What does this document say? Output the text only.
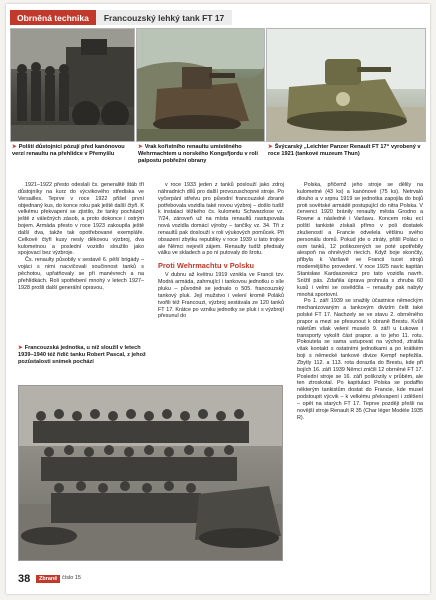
Obrněná technika	Francouzský lehký tank FT 17
➤ Polští důstojníci pózují před kanónovou verzí renaultu na přehlídce v Přemyšlu
➤ Vrak kořistního renaultu umístěného Wehrmachtem u norského Kongsfjordu v roli palpostu pobřežní obrany
➤ Švýcarský „Leichter Panzer Renault FT 17“ vyrobený v roce 1921 (tankové muzeum Thun)

1921–1922 přesto odeslali čs. generalitě štáb tří důstojníky na kurz do výcvikového střediska ve Versailles. Teprve v roce 1922 přišel první objednaný kus, do konce roku pak ještě další čtyři. K velkému překvapení se zjistilo, že tanky pocházejí ještě z válečných zásob, a proto dokonce i ostrým bojem. Armáda přesto v roce 1923 zakoupila ještě další dva, takže tak opotřebované exempláře. Celkově čtyři kusy nesly děkovou výzbroj, dva kulometnou a poslední vozidlo sloužilo jako spojovací bez výzbroje.

Čs. renaulty působily v sestavě 6. pěší brigády – vojáci s nimi nacvičovali součinnost tanků s pěchotou, upřatňovaly se při manévrech a na přehlídkách. Roli spotřebení mnohý v letech 1927–1928 prošli další generální opravou,

➤ Francouzská jednotka, u níž sloužil v letech 1939–1940 též řidič tanku Robert Pascal, z jehož pozůstalosti snímek pochází

v roce 1933 jeden z tanků poslouží jako zdroj náhradních dílů pro další provozuschopné stroje. Po vyčerpání střelvu pro původní francouzské zbraně potřebovala vozidla také novou výzbroj – došlo tudíž k instalaci těžkého čs. kulometu Schwarzlose vz. 7/24, zároveň už na místa renaultů nastupovala nová vozidla domácí výroby – tančíky vz. 34. Tři z renaultů pak doslouží v roli výukových pomůcek. Při obsazení zbytku republiky v roce 1939 u tato trojice ale Němci nejevili zájem. Renaulty tudíž předsaly válku ve skladech a po ní putovaly do šrotu.

Proti Wehrmachtu v Polsku

V dubnu až květnu 1919 vznikla ve Francii tzv. Modrá armáda, zahrnující i tankovou jednotku o síle pluku – původně se jednalo o 505. francouzský tankový pluk. Její mužstvo i velení kromě Poláků tvořili též Francouzi, výzbroj sestávala ze 120 tanků FT 17. Krátce po vzniku jednotky se pluk i s výzbrojí přesunul do

Polska, přičemž jeho stroje se dělily na kulometné (43 ks) a kanónové (75 ks). Netrvalo dlouho a v srpnu 1919 se jednotka zapojila do bojů proti sovětské armádě postupující do nitra Polska. V červenci 1920 bránily renaulty města Grodno a Rowne a následně i Varšavu. Koncem roku ecí polští tankisté získali přímo v poli dostatek zkušeností a Francie odvelela většinu svého personálu domů. Pokud jde o ztráty, přišli Poláci o osm tanků, 12 poškozených se poté upotřebily alespoň na ohněvých riecích. Když boje skončily, přibyla k Varšavě ve Francii tucet strojů modernějšího provedení. V roce 1925 navíc kapitán Stanisław Kardaszewicz pro tato vozidla navrh. Snížil pás. Zdaňila úprava prohnula s zhruba 60 kusů i velmi se osvědčila – renaulty pak nabyly mnohá sportovní.

Po 1. září 1939 se snažily účastnice německým mechanizovaným a tankovým divizím čelit také polské FT 17. Nachzely se ve stavu 2. obrněného prapor a mezi se přesunout k obraně Brestu. Kvůli náletům však velení muselo 9. září u Łukowe i transporty vykolít část prapor. a to jeho 11. rotu. Pokoutela se sama ustupovat na východ, ztratila však kontakt s ostatními jednotkami a po krátkém boji s německé tankové divize Kempf nepřežila. Zbytly 112. a 113. rota dorazila do Brestu, kde při bojích 16. září 1939 Němci zničili 12 obrněné FT 17. Poslední stroje se 16. září poškozily v průběm, ale ten ztroskotal. Po kapitulaci Polska se podaffio některým tankistům dostat do Francie, kde musel podstoupit výcvik – k velkému překvapení i zděšení – opět na starých FT 17. Teprve později přešli na novější stroje Renault R 35 (Char léger Modèle 1935 R).

38	Zbraně číslo 15
